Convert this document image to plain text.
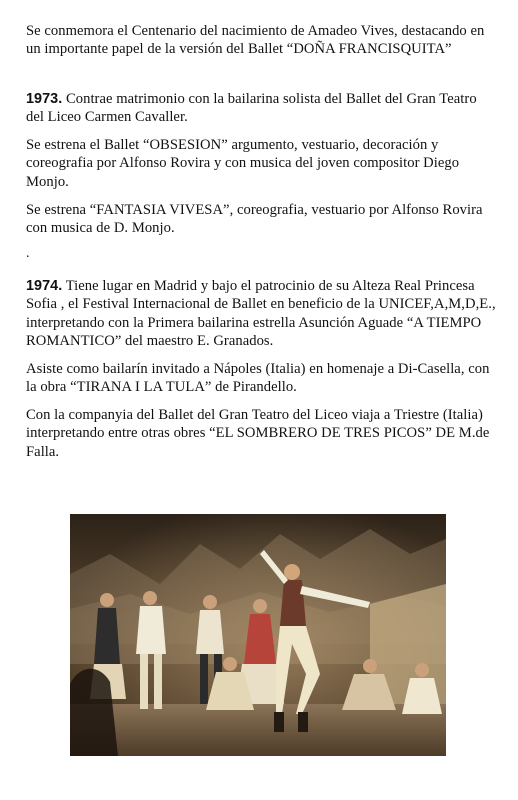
Se conmemora el Centenario del nacimiento de Amadeo Vives, destacando en un importante papel de la versión del Ballet “DOÑA FRANCISQUITA”

1973. Contrae matrimonio con la bailarina solista del Ballet del Gran Teatro del Liceo Carmen Cavaller.

Se estrena el Ballet “OBSESION” argumento, vestuario, decoración y coreografia por Alfonso Rovira y con musica del joven compositor Diego Monjo.

Se estrena “FANTASIA VIVESA”, coreografia, vestuario por Alfonso Rovira con musica de D. Monjo.

.

1974. Tiene lugar en Madrid y bajo el patrocinio de su Alteza Real Princesa Sofia , el Festival Internacional de Ballet en beneficio de la UNICEF,A,M,D,E., interpretando con la Primera bailarina estrella Asunción Aguade “A TIEMPO ROMANTICO” del maestro E. Granados.

Asiste como bailarín invitado a Nápoles (Italia) en homenaje a Di-Casella, con la obra “TIRANA I LA TULA” de Pirandello.

Con la companyia del Ballet del Gran Teatro del Liceo viaja a Triestre (Italia) interpretando entre otras obres “EL SOMBRERO DE TRES PICOS” DE M.de Falla.
